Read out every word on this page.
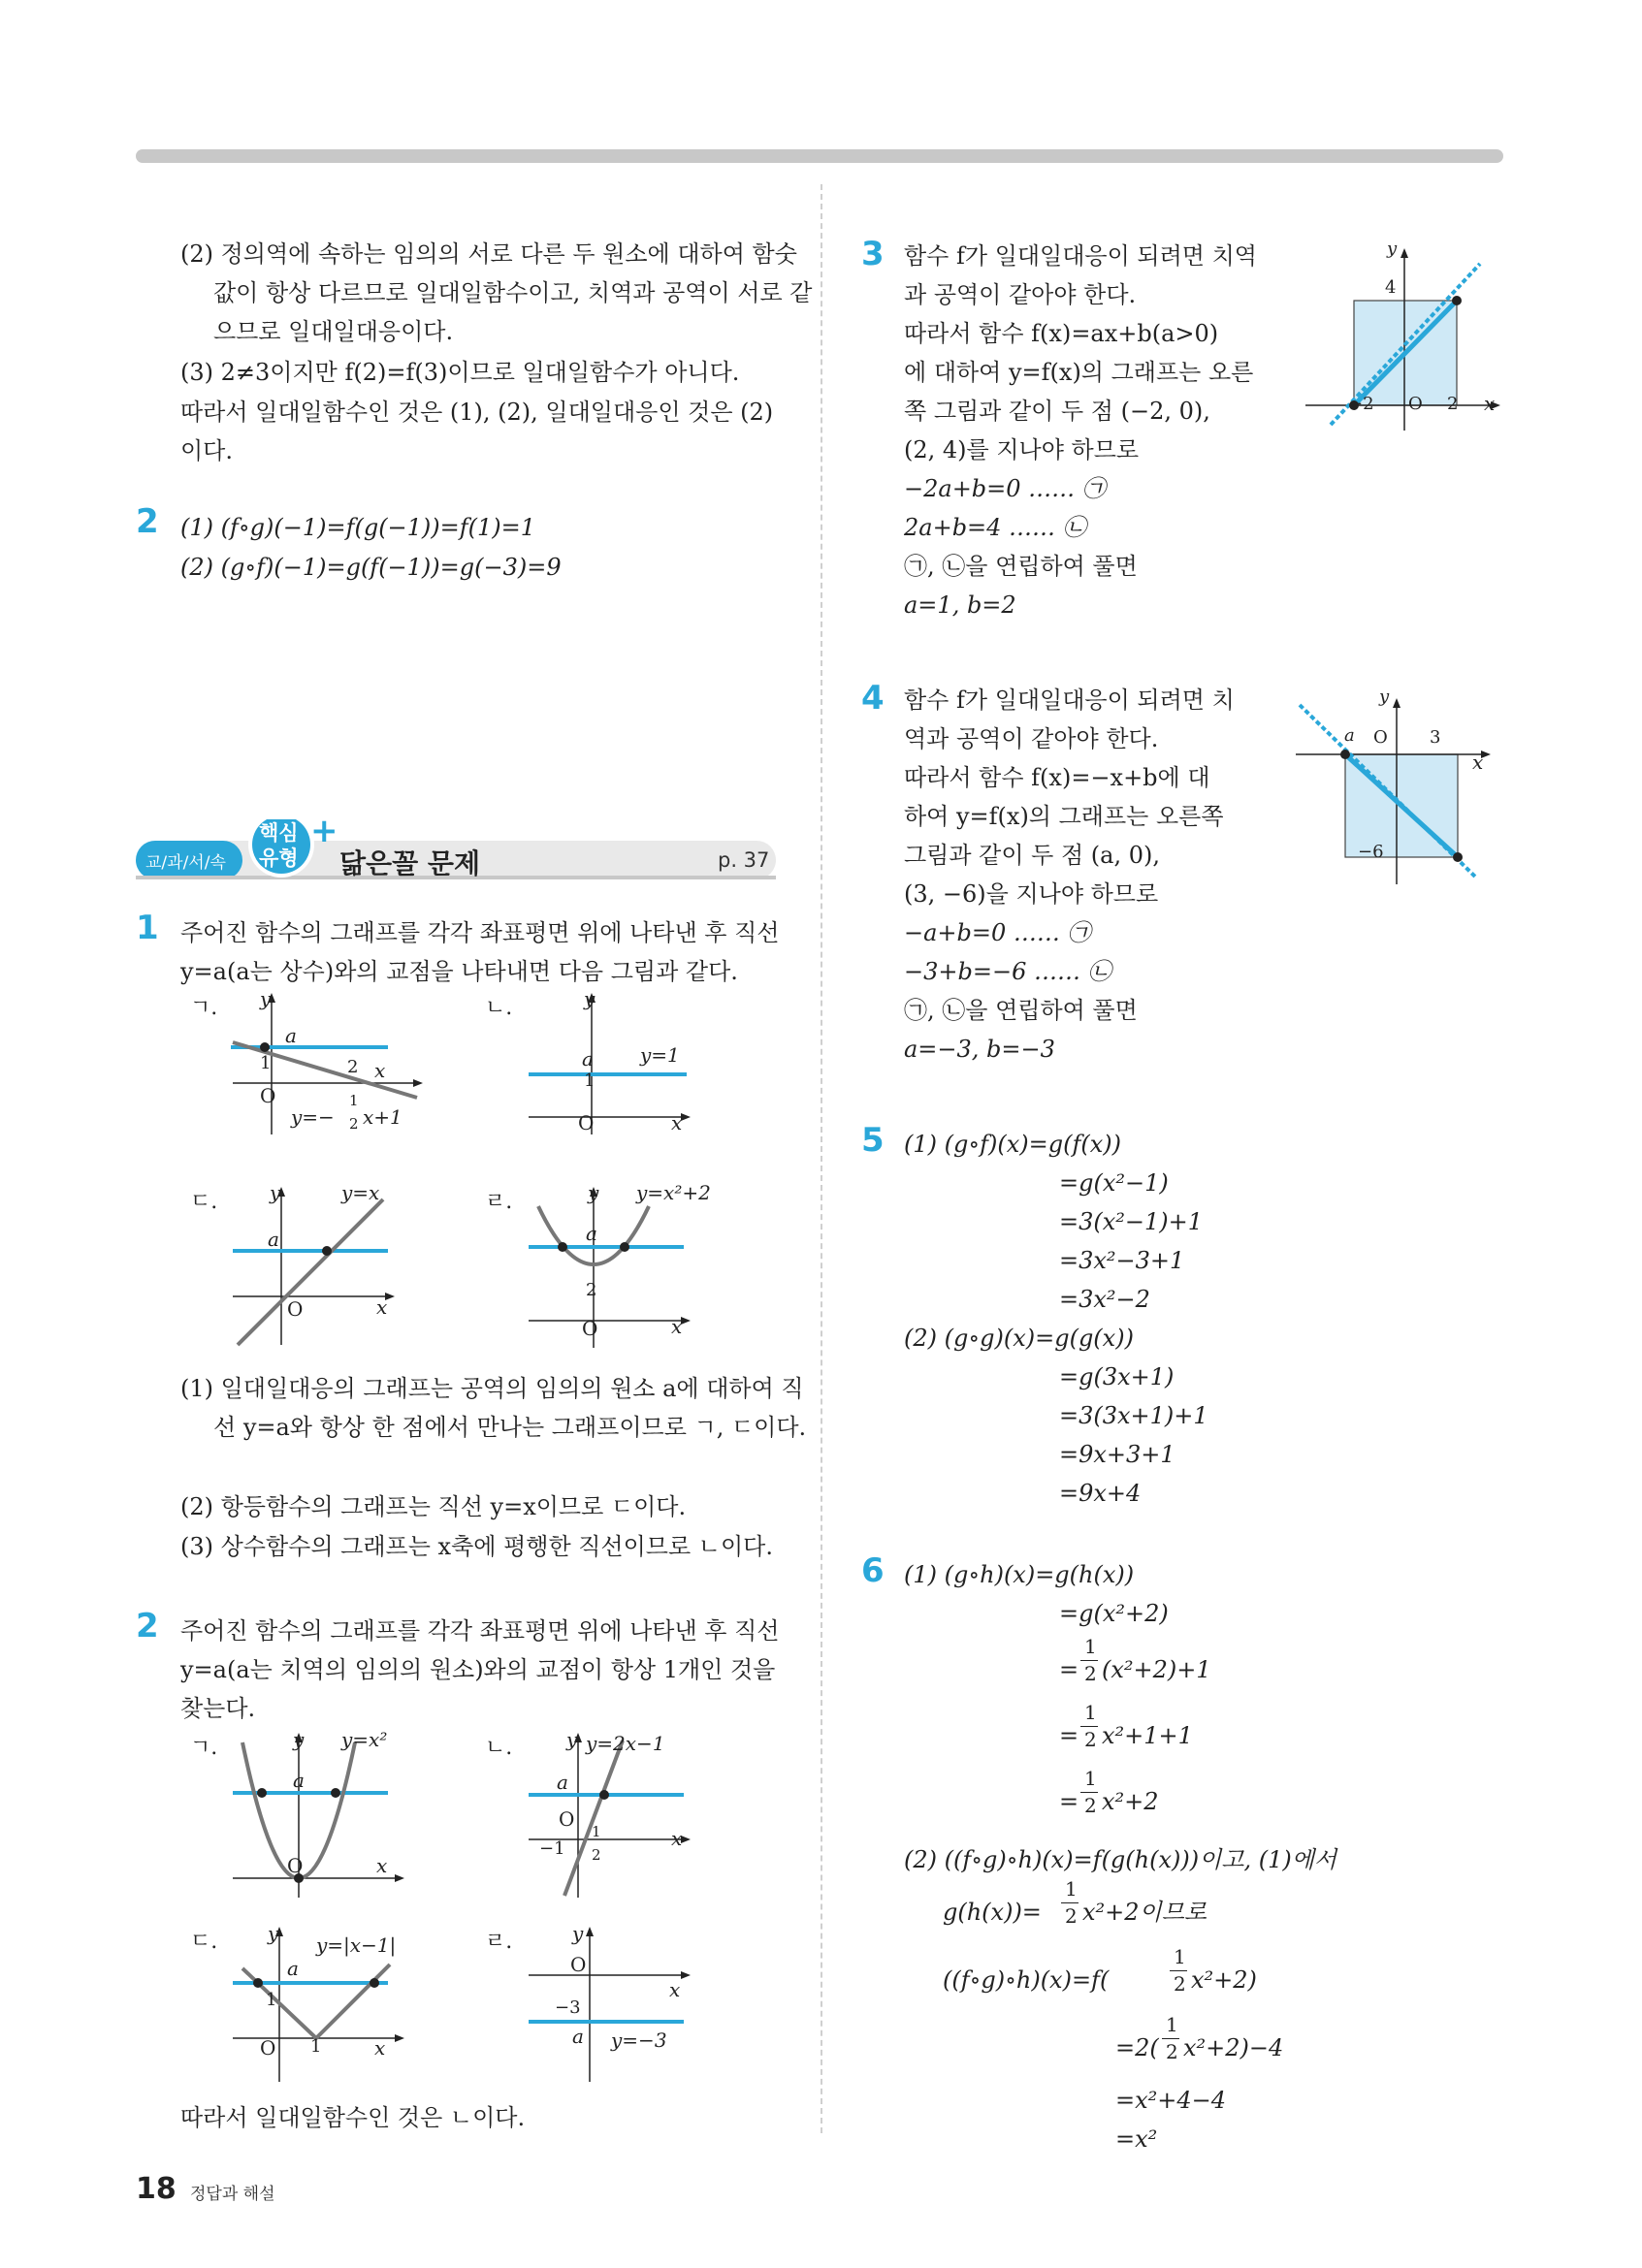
(2) 정의역에 속하는 임의의 서로 다른 두 원소에 대하여 함숫값이 항상 다르므로 일대일함수이고, 치역과 공역이 서로 같으므로 일대일대응이다.
(3) 2≠3이지만 f(2)=f(3)이므로 일대일함수가 아니다.
따라서 일대일함수인 것은 (1), (2), 일대일대응인 것은 (2)이다.
2 (1) (f∘g)(−1)=f(g(−1))=f(1)=1
(2) (g∘f)(−1)=g(f(−1))=g(−3)=9
교/과/서/속
핵심
유형
+
닮은꼴 문제	p. 37
1 주어진 함수의 그래프를 각각 좌표평면 위에 나타낸 후 직선 y=a(a는 상수)와의 교점을 나타내면 다음 그림과 같다.
ㄱ. y
a
1	2 x
O
y=−
1
2 x+1
ㄴ.	y
a
1
y=1
O	x
ㄷ.	y	y=x
a
O	x
ㄹ.	y y=x²+2
a
2
O	x
(1) 일대일대응의 그래프는 공역의 임의의 원소 a에 대하여 직선 y=a와 항상 한 점에서 만나는 그래프이므로 ㄱ, ㄷ이다.
(2) 항등함수의 그래프는 직선 y=x이므로 ㄷ이다.
(3) 상수함수의 그래프는 x축에 평행한 직선이므로 ㄴ이다.
2 주어진 함수의 그래프를 각각 좌표평면 위에 나타낸 후 직선 y=a(a는 치역의 임의의 원소)와의 교점이 항상 1개인 것을 찾는다.
ㄱ.	y y=x²
a
O	x
ㄴ.	y y=2x−1
a
O
−1
1
2
x
ㄷ.	y y=|x−1|
a
1
O 1	x
ㄹ.	y
O
x
−3
a y=−3
따라서 일대일함수인 것은 ㄴ이다.
3 함수 f가 일대일대응이 되려면 치역
과 공역이 같아야 한다.
따라서 함수 f(x)=ax+b(a>0)
에 대하여 y=f(x)의 그래프는 오른
쪽 그림과 같이 두 점 (−2, 0),
(2, 4)를 지나야 하므로
−2a+b=0 …… ㉠
2a+b=4 …… ㉡
㉠, ㉡을 연립하여 풀면
a=1, b=2
y
4
−2 O 2 x
4 함수 f가 일대일대응이 되려면 치
역과 공역이 같아야 한다.
따라서 함수 f(x)=−x+b에 대
하여 y=f(x)의 그래프는 오른쪽
그림과 같이 두 점 (a, 0),
(3, −6)을 지나야 하므로
−a+b=0 …… ㉠
−3+b=−6 …… ㉡
㉠, ㉡을 연립하여 풀면
a=−3, b=−3
y
a O 3
x
−6
5 (1) (g∘f)(x)=g(f(x))
=g(x²−1)
=3(x²−1)+1
=3x²−3+1
=3x²−2
(2) (g∘g)(x)=g(g(x))
=g(3x+1)
=3(3x+1)+1
=9x+3+1
=9x+4
6 (1) (g∘h)(x)=g(h(x))
=g(x²+2)
=
1
2 (x²+2)+1
=
1
2 x²+1+1
=
1
2 x²+2
(2) ((f∘g)∘h)(x)=f(g(h(x)))이고, (1)에서
g(h(x))=
1
2 x²+2이므로
((f∘g)∘h)(x)=f(
1
2 x²+2)
=2(
1
2 x²+2)−4
=x²+4−4
=x²
18 정답과 해설
